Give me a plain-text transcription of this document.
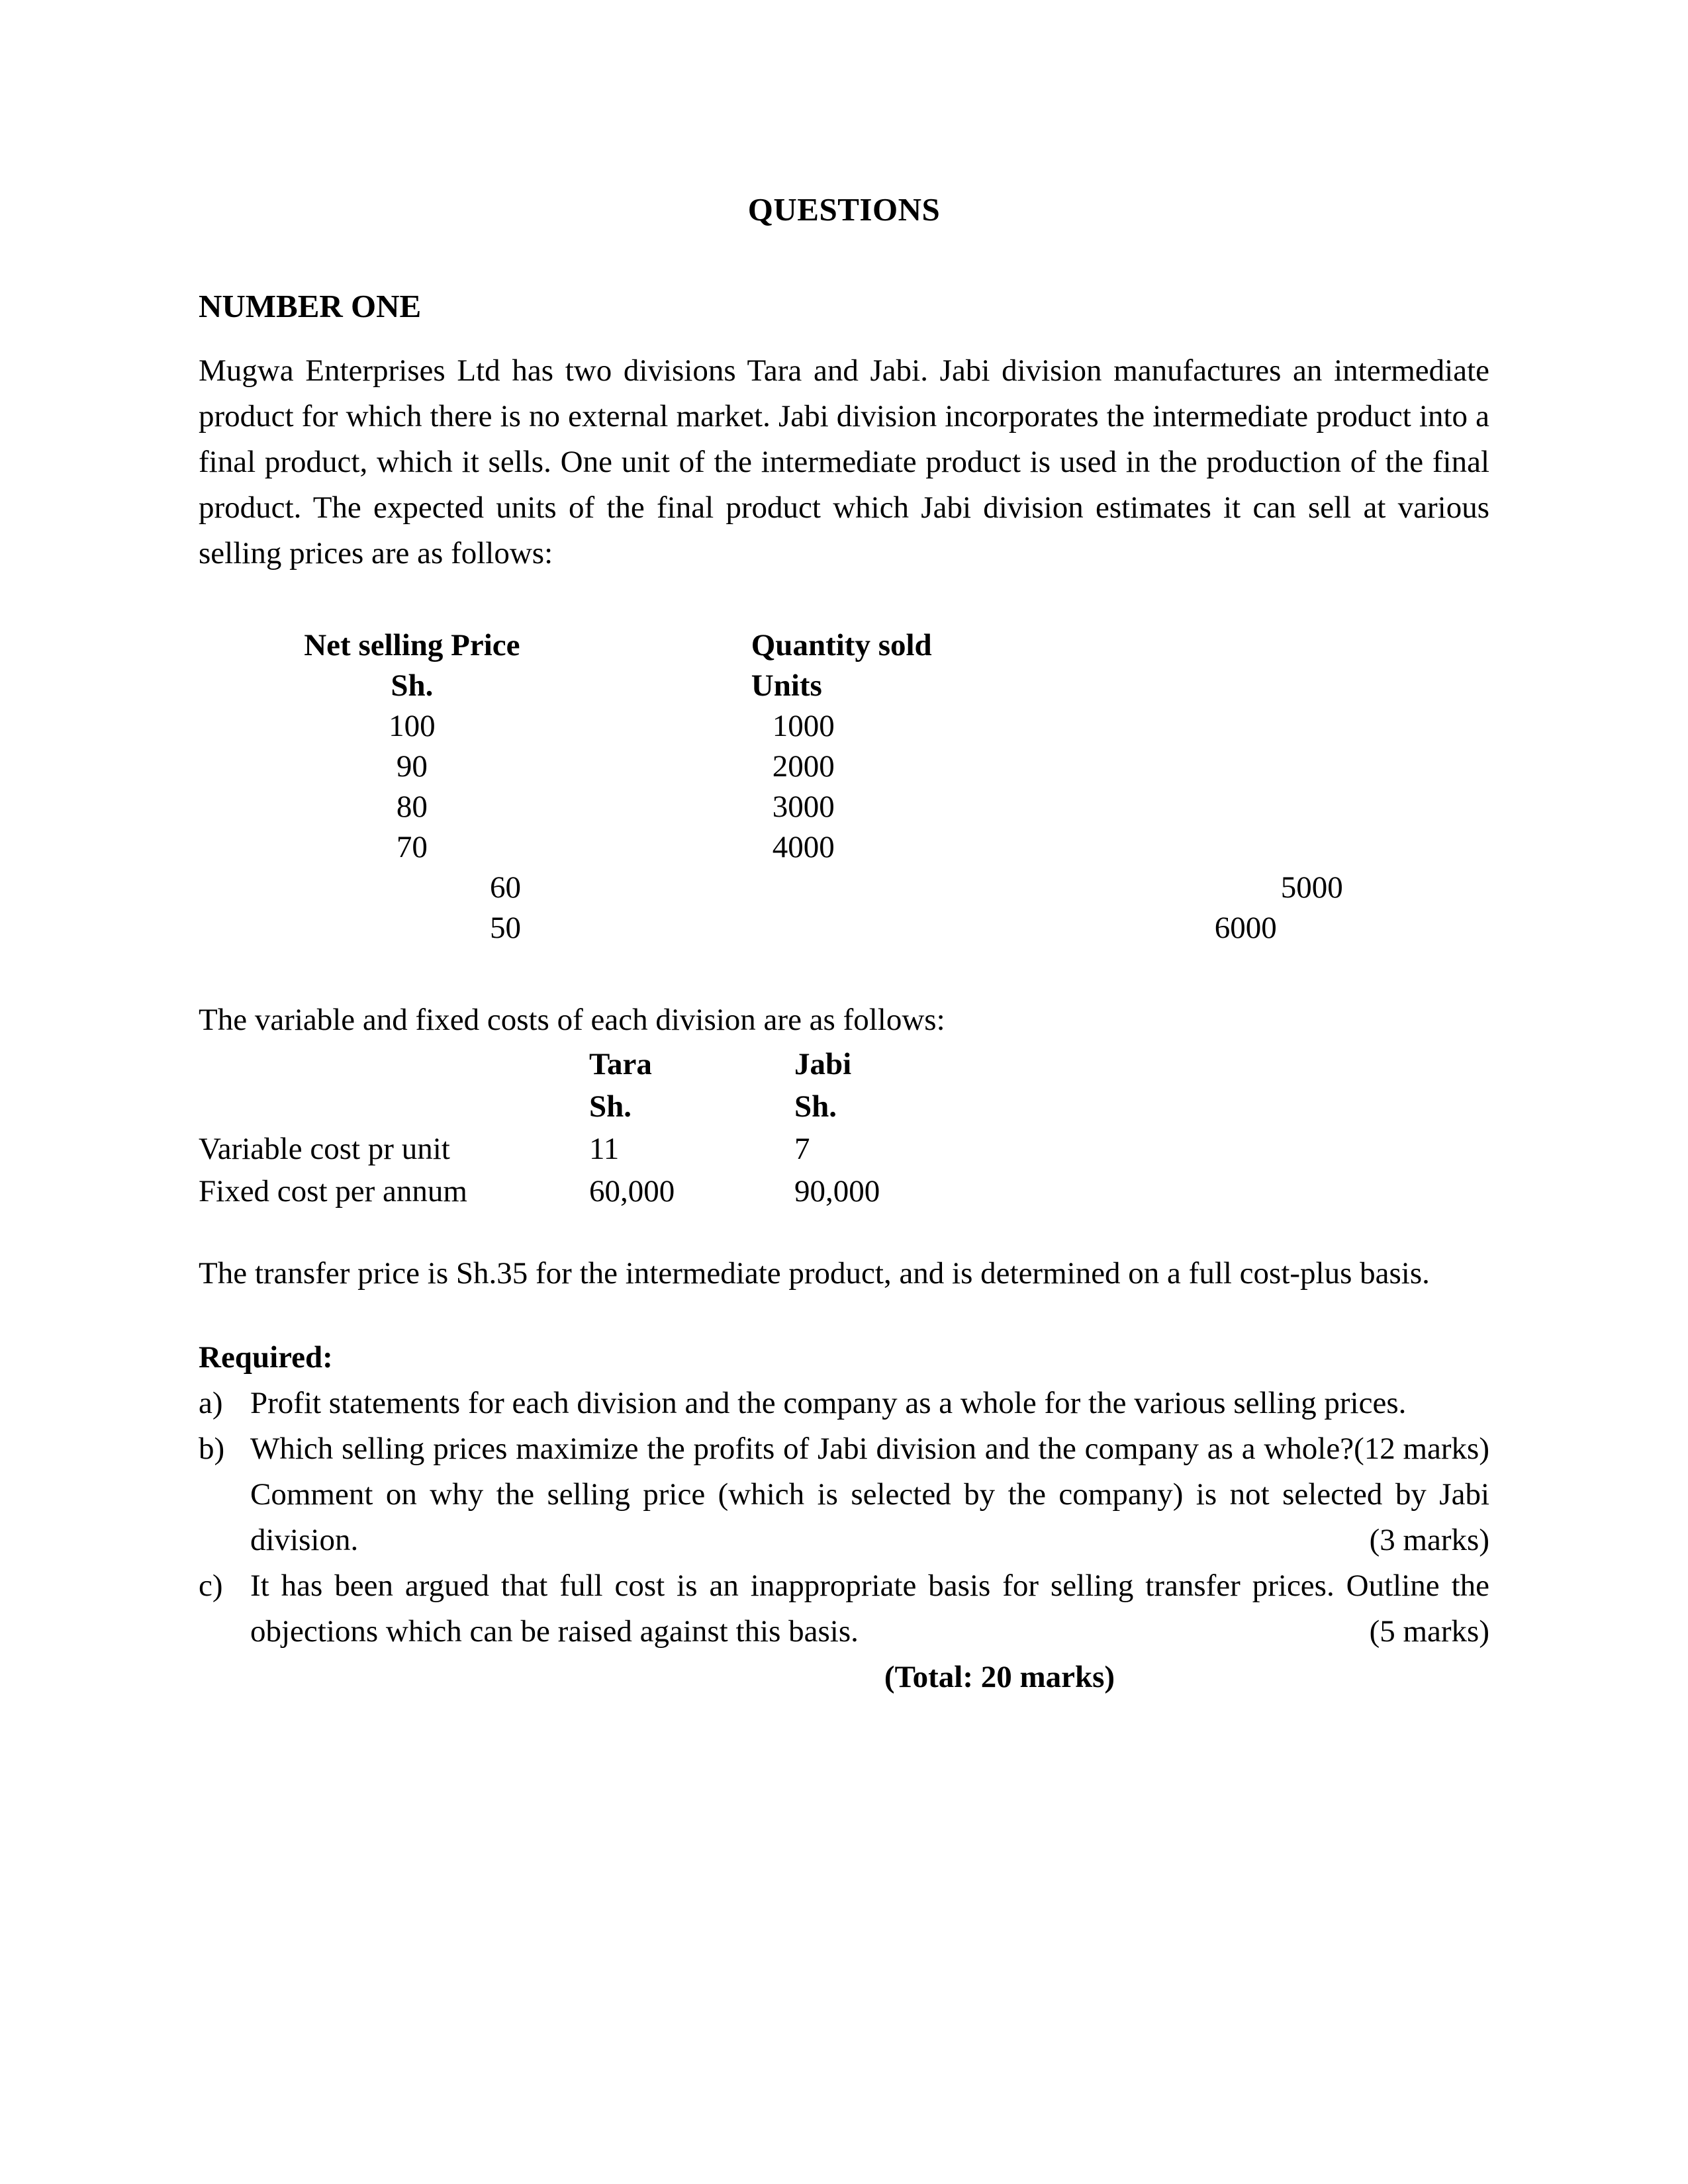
QUESTIONS
NUMBER ONE

Mugwa Enterprises Ltd has two divisions Tara and Jabi. Jabi division manufactures an intermediate product for which there is no external market. Jabi division incorporates the intermediate product into a final product, which it sells. One unit of the intermediate product is used in the production of the final product. The expected units of the final product which Jabi division estimates it can sell at various selling prices are as follows:

Net selling Price	Quantity sold
Sh.	Units
100	1000
90	2000
80	3000
70	4000
60	5000
50	6000

The variable and fixed costs of each division are as follows:

	Tara	Jabi
	Sh.	Sh.
Variable cost pr unit	11	7
Fixed cost per annum	60,000	90,000

The transfer price is Sh.35 for the intermediate product, and is determined on a full cost-plus basis.

Required:

a) Profit statements for each division and the company as a whole for the various selling prices.
(12 marks)
b) Which selling prices maximize the profits of Jabi division and the company as a whole? Comment on why the selling price (which is selected by the company) is not selected by Jabi division.	(3 marks)
c) It has been argued that full cost is an inappropriate basis for selling transfer prices. Outline the objections which can be raised against this basis.	(5 marks)

(Total: 20 marks)
